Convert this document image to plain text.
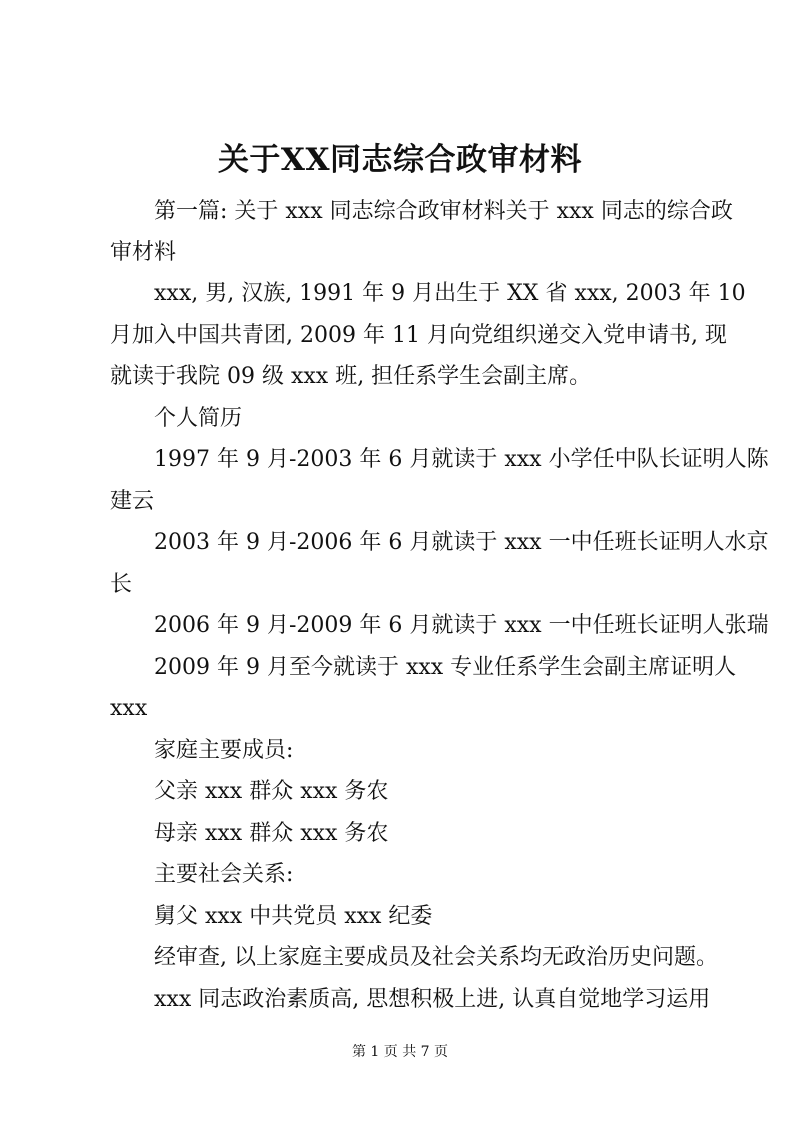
关于XX同志综合政审材料
第一篇: 关于 xxx 同志综合政审材料关于 xxx 同志的综合政
审材料
xxx, 男, 汉族, 1991 年 9 月出生于 XX 省 xxx, 2003 年 10
月加入中国共青团, 2009 年 11 月向党组织递交入党申请书, 现
就读于我院 09 级 xxx 班, 担任系学生会副主席。
个人简历
1997 年 9 月-2003 年 6 月就读于 xxx 小学任中队长证明人陈
建云
2003 年 9 月-2006 年 6 月就读于 xxx 一中任班长证明人水京
长
2006 年 9 月-2009 年 6 月就读于 xxx 一中任班长证明人张瑞
2009 年 9 月至今就读于 xxx 专业任系学生会副主席证明人
xxx
家庭主要成员:
父亲 xxx 群众 xxx 务农
母亲 xxx 群众 xxx 务农
主要社会关系:
舅父 xxx 中共党员 xxx 纪委
经审查, 以上家庭主要成员及社会关系均无政治历史问题。
xxx 同志政治素质高, 思想积极上进, 认真自觉地学习运用
第 1 页 共 7 页
